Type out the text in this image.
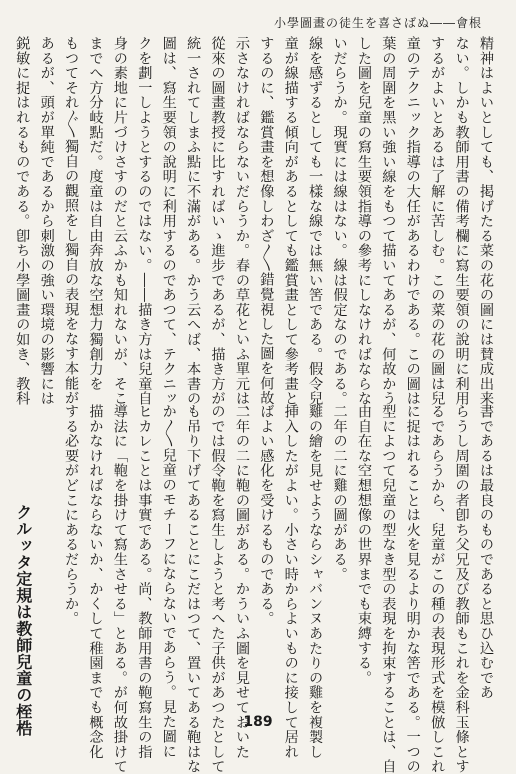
根會――ぬばさ喜を生徒の畫圖學小
精神はよいとしても、掲げたる菜の花の圖には賛成出来
ない。しかも教師用書の備考欄に寫生要領の說明に利用
するがよいとあるは了解に苦しむ。この菜の花の圖は兒
童のテクニック指導の大任があるわけである。この圖は
葉の周圍を黑い強い線をもつて描いてあるが、何故かう
した圖を兒童の寫生要領指導の參考にしなければならな
いだらうか。現實には線はない。線は假定なのである。
線を感ずるとしても一樣な線では無い筈である。假令兒
童が線描する傾向があるとしても鑑賞畫として參考畫と
するのに、鑑賞畫を想像しわざ〳〵錯覺視した圖を何故
示さなければならないだらうか。春の草花といふ單元は、
從來の圖畫教授に比すればいゝ進步であるが、描き方が
統一されてしまふ點に不滿がある。かう云へば、本書の
圖は、寫生要領の說明に利用するのであつて、テクニッ
クを劃一しようとするのではない。――描き方は兒童自
身の素地に片づけさすのだと云ふかも知れないが、そこ
までへ方分岐點だ。度童は自由奔放な空想力獨創力を
もつてそれ〴〵獨自の觀照をし獨自の表現をなす本能が
あるが、頭が單純であるから刺激の強い環境の影響には
鋭敏に捉はれるものである。卽ち小學圖畫の如き、教科
書であるは最良のものであると思ひ込むであ
らうし周圍の者卽ち父兄及び教師もこれを金科玉條とす
るであらうから、兒童がこの種の表現形式を模倣しこれ
に捉はれることは火を見るより明かな筈である。一つの
型によつて兒童の型なき型の表現を拘束することは、自
由自在な空想想像の世界までも束縛する。
二年の二に雞の圖がある。
雞の繪を見せようならシャバンヌあたりの雞を複製し
挿入したがよい。小さい時からよいものに接して居れ
ばよい感化を受けるものである。
二年の二に鞄の圖がある。かういふ圖を見せておいた
のでは假令鞄を寫生しようと考へた子供があつたとして
も吊り下げてあることにこだはつて、置いてある鞄はな
か〳〵兒童のモチーフにならないであらう。見た圖に
ヒカレことは事實である。尚、教師用書の鞄寫生の指
導法に「鞄を掛けて寫生させる」とある。が何故掛けて
描かなければならないか、かくして稚園までも概念化
する必要がどこにあるだらうか。
クルッタ定規は教師兒童の桎梏	189
